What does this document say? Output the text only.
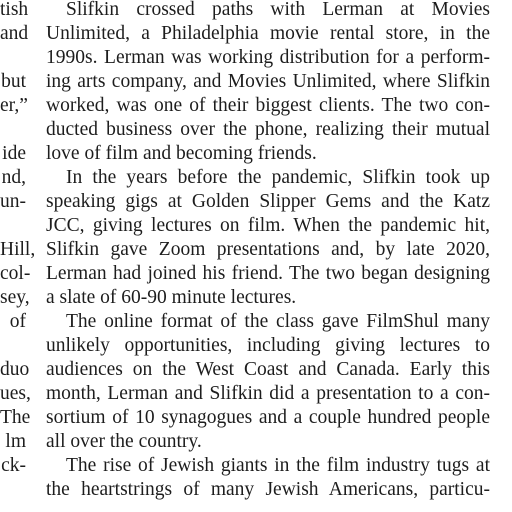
tish
and
but
er,”
ide
nd,
un-
Hill,
col-
sey,
of
duo
ues,
The
lm
ck-
Slifkin crossed paths with Lerman at Movies
Unlimited, a Philadelphia movie rental store, in the
1990s. Lerman was working distribution for a perform-
ing arts company, and Movies Unlimited, where Slifkin
worked, was one of their biggest clients. The two con-
ducted business over the phone, realizing their mutual
love of film and becoming friends.
In the years before the pandemic, Slifkin took up
speaking gigs at Golden Slipper Gems and the Katz
JCC, giving lectures on film. When the pandemic hit,
Slifkin gave Zoom presentations and, by late 2020,
Lerman had joined his friend. The two began designing
a slate of 60-90 minute lectures.
The online format of the class gave FilmShul many
unlikely opportunities, including giving lectures to
audiences on the West Coast and Canada. Early this
month, Lerman and Slifkin did a presentation to a con-
sortium of 10 synagogues and a couple hundred people
all over the country.
The rise of Jewish giants in the film industry tugs at
the heartstrings of many Jewish Americans, particu-
